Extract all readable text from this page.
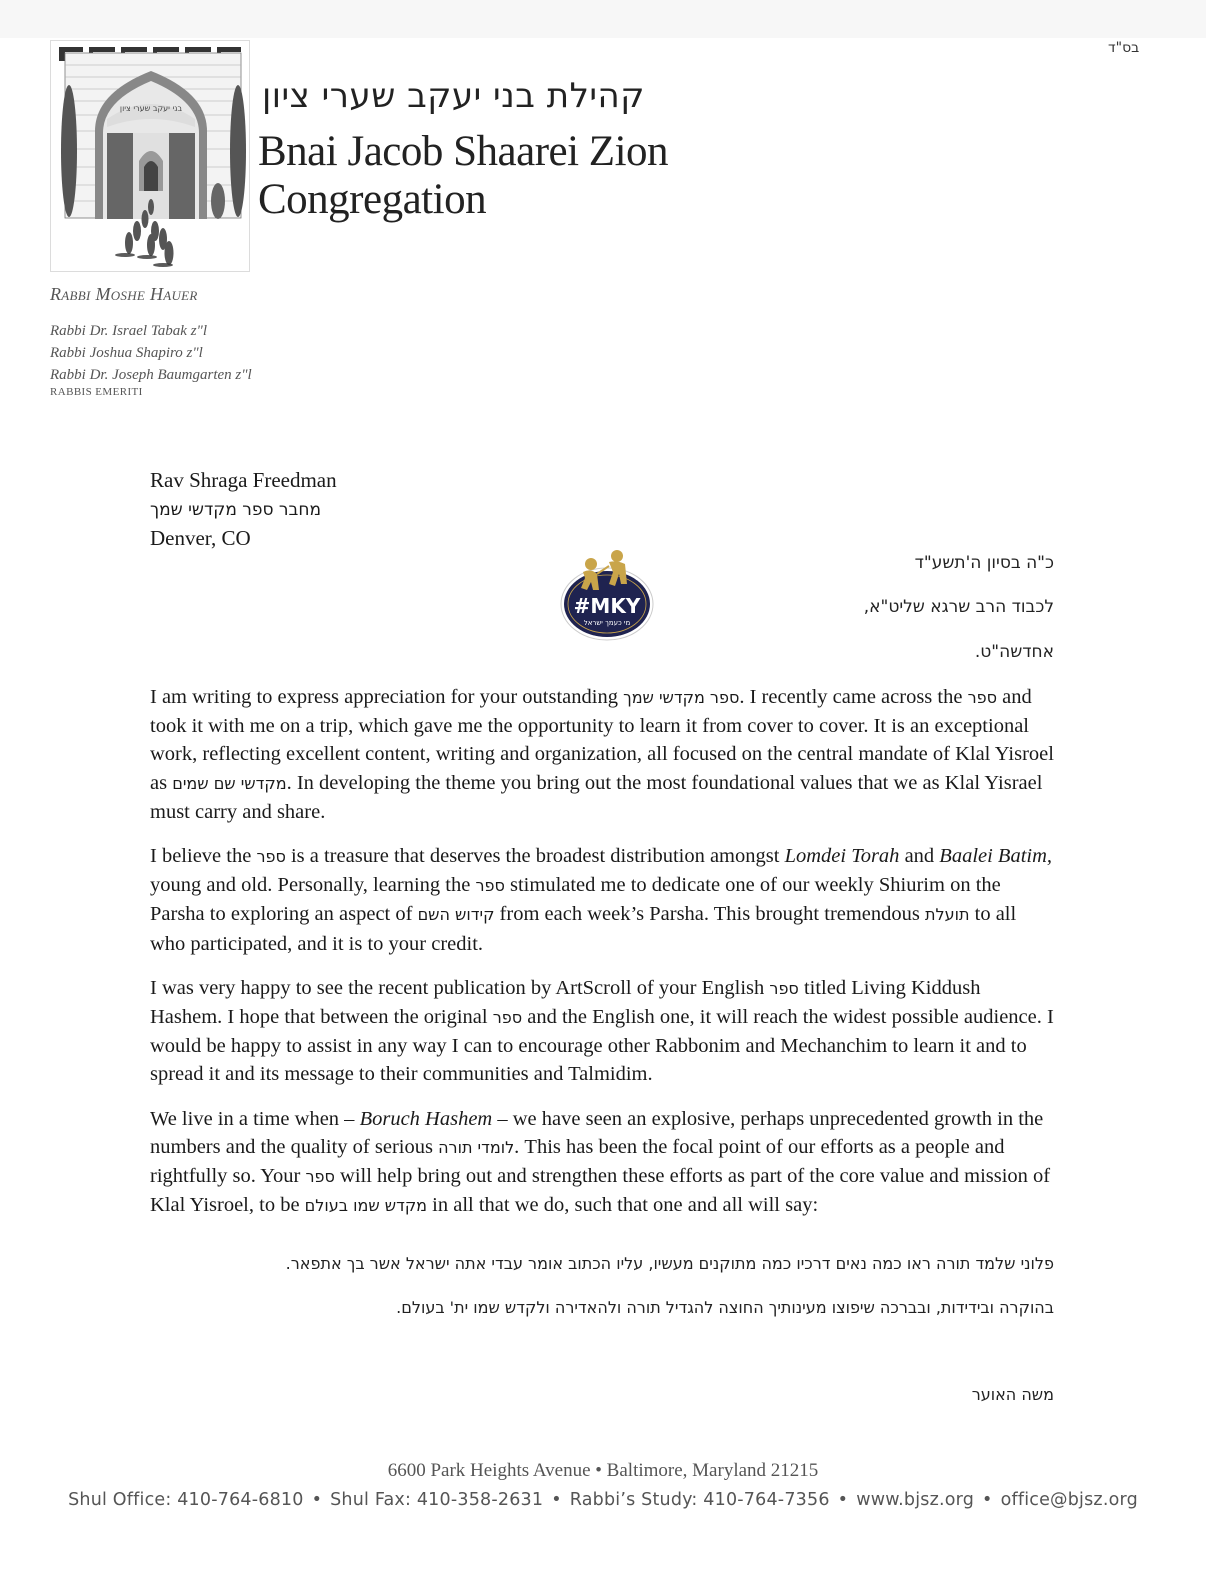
בני יעקב שערי ציון קהילת בני יעקב שערי ציון
Bnai Jacob Shaarei Zion
Congregation
בס"ד
Rabbi Moshe Hauer
Rabbi Dr. Israel Tabak z"l
Rabbi Joshua Shapiro z"l
Rabbi Dr. Joseph Baumgarten z"l
RABBIS EMERITI
Rav Shraga Freedman
מחבר ספר מקדשי שמך
Denver, CO
#MKY
מי כעמך ישראל
כ"ה בסיון ה'תשע"ד
לכבוד הרב שרגא שליט"א,
אחדשה"ט.

I am writing to express appreciation for your outstanding ספר מקדשי שמך. I recently came across the ספר and took it with me on a trip, which gave me the opportunity to learn it from cover to cover. It is an exceptional work, reflecting excellent content, writing and organization, all focused on the central mandate of Klal Yisroel as מקדשי שם שמים. In developing the theme you bring out the most foundational values that we as Klal Yisrael must carry and share.

I believe the ספר is a treasure that deserves the broadest distribution amongst Lomdei Torah and Baalei Batim, young and old. Personally, learning the ספר stimulated me to dedicate one of our weekly Shiurim on the Parsha to exploring an aspect of קידוש השם from each week’s Parsha. This brought tremendous תועלת to all who participated, and it is to your credit.

I was very happy to see the recent publication by ArtScroll of your English ספר titled Living Kiddush Hashem. I hope that between the original ספר and the English one, it will reach the widest possible audience. I would be happy to assist in any way I can to encourage other Rabbonim and Mechanchim to learn it and to spread it and its message to their communities and Talmidim.

We live in a time when – Boruch Hashem – we have seen an explosive, perhaps unprecedented growth in the numbers and the quality of serious לומדי תורה. This has been the focal point of our efforts as a people and rightfully so. Your ספר will help bring out and strengthen these efforts as part of the core value and mission of Klal Yisroel, to be מקדש שמו בעולם in all that we do, such that one and all will say:

פלוני שלמד תורה ראו כמה נאים דרכיו כמה מתוקנים מעשיו, עליו הכתוב אומר עבדי אתה ישראל אשר בך אתפאר.
בהוקרה ובידידות, ובברכה שיפוצו מעינותיך החוצה להגדיל תורה ולהאדירה ולקדש שמו ית' בעולם.
משה האוער
6600 Park Heights Avenue • Baltimore, Maryland 21215
Shul Office: 410-764-6810 • Shul Fax: 410-358-2631 • Rabbi’s Study: 410-764-7356 • www.bjsz.org • office@bjsz.org
